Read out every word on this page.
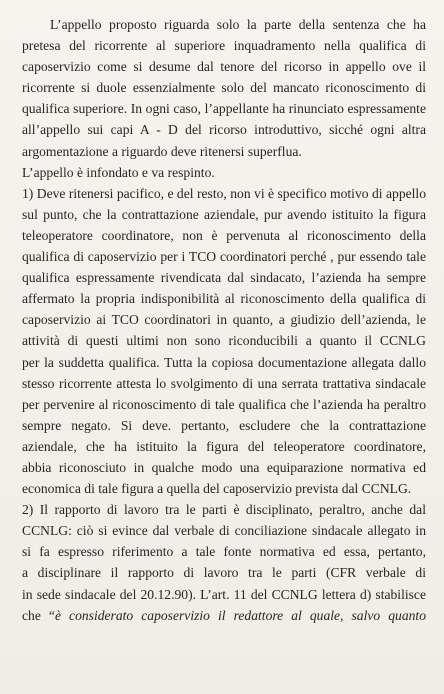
L’appello proposto riguarda solo la parte della sentenza che ha
pretesa del ricorrente al superiore inquadramento nella qualifica di
caposervizio come si desume dal tenore del ricorso in appello ove il
ricorrente si duole essenzialmente solo del mancato riconoscimento di
qualifica superiore. In ogni caso, l’appellante ha rinunciato espressamente
all’appello sui capi A - D del ricorso introduttivo, sicché ogni altra
argomentazione a riguardo deve ritenersi superflua.
L’appello è infondato e va respinto.
1) Deve ritenersi pacifico, e del resto, non vi è specifico motivo di appello
sul punto, che la contrattazione aziendale, pur avendo istituito la figura
teleoperatore coordinatore, non è pervenuta al riconoscimento della
qualifica di caposervizio per i TCO coordinatori perché , pur essendo tale
qualifica espressamente rivendicata dal sindacato, l’azienda ha sempre
affermato la propria indisponibilità al riconoscimento della qualifica di
caposervizio ai TCO coordinatori in quanto, a giudizio dell’azienda, le
attività di questi ultimi non sono riconducibili a quanto il CCNLG
per la suddetta qualifica. Tutta la copiosa documentazione allegata dallo
stesso ricorrente attesta lo svolgimento di una serrata trattativa sindacale
per pervenire al riconoscimento di tale qualifica che l’azienda ha peraltro
sempre negato. Si deve. pertanto, escludere che la contrattazione
aziendale, che ha istituito la figura del teleoperatore coordinatore,
abbia riconosciuto in qualche modo una equiparazione normativa ed
economica di tale figura a quella del caposervizio prevista dal CCNLG.
2) Il rapporto di lavoro tra le parti è disciplinato, peraltro, anche dal
CCNLG: ciò si evince dal verbale di conciliazione sindacale allegato in
si fa espresso riferimento a tale fonte normativa ed essa, pertanto,
a disciplinare il rapporto di lavoro tra le parti (CFR verbale di
in sede sindacale del 20.12.90). L’art. 11 del CCNLG lettera d) stabilisce
che “è considerato caposervizio il redattore al quale, salvo quanto
